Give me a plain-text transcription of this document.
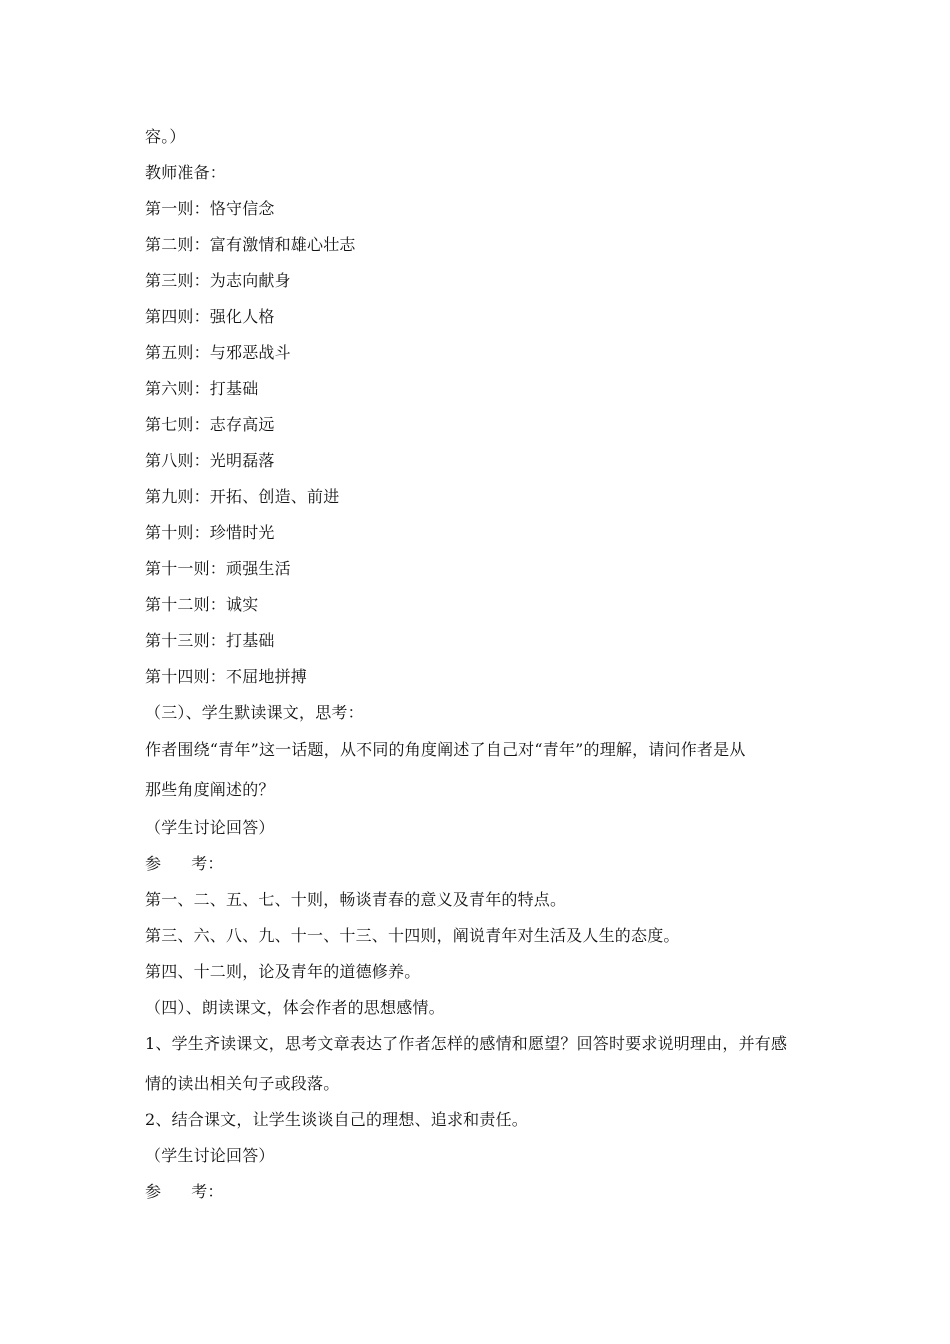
容。）
教师准备：
第一则：恪守信念
第二则：富有激情和雄心壮志
第三则：为志向献身
第四则：强化人格
第五则：与邪恶战斗
第六则：打基础
第七则：志存高远
第八则：光明磊落
第九则：开拓、创造、前进
第十则：珍惜时光
第十一则：顽强生活
第十二则：诚实
第十三则：打基础
第十四则：不屈地拼搏
（三）、学生默读课文，思考：
作者围绕“青年”这一话题，从不同的角度阐述了自己对“青年”的理解，请问作者是从
那些角度阐述的？
（学生讨论回答）
参 考：
第一、二、五、七、十则，畅谈青春的意义及青年的特点。
第三、六、八、九、十一、十三、十四则，阐说青年对生活及人生的态度。
第四、十二则，论及青年的道德修养。
（四）、朗读课文，体会作者的思想感情。
1、学生齐读课文，思考文章表达了作者怎样的感情和愿望？回答时要求说明理由，并有感
情的读出相关句子或段落。
2、结合课文，让学生谈谈自己的理想、追求和责任。
（学生讨论回答）
参 考：
